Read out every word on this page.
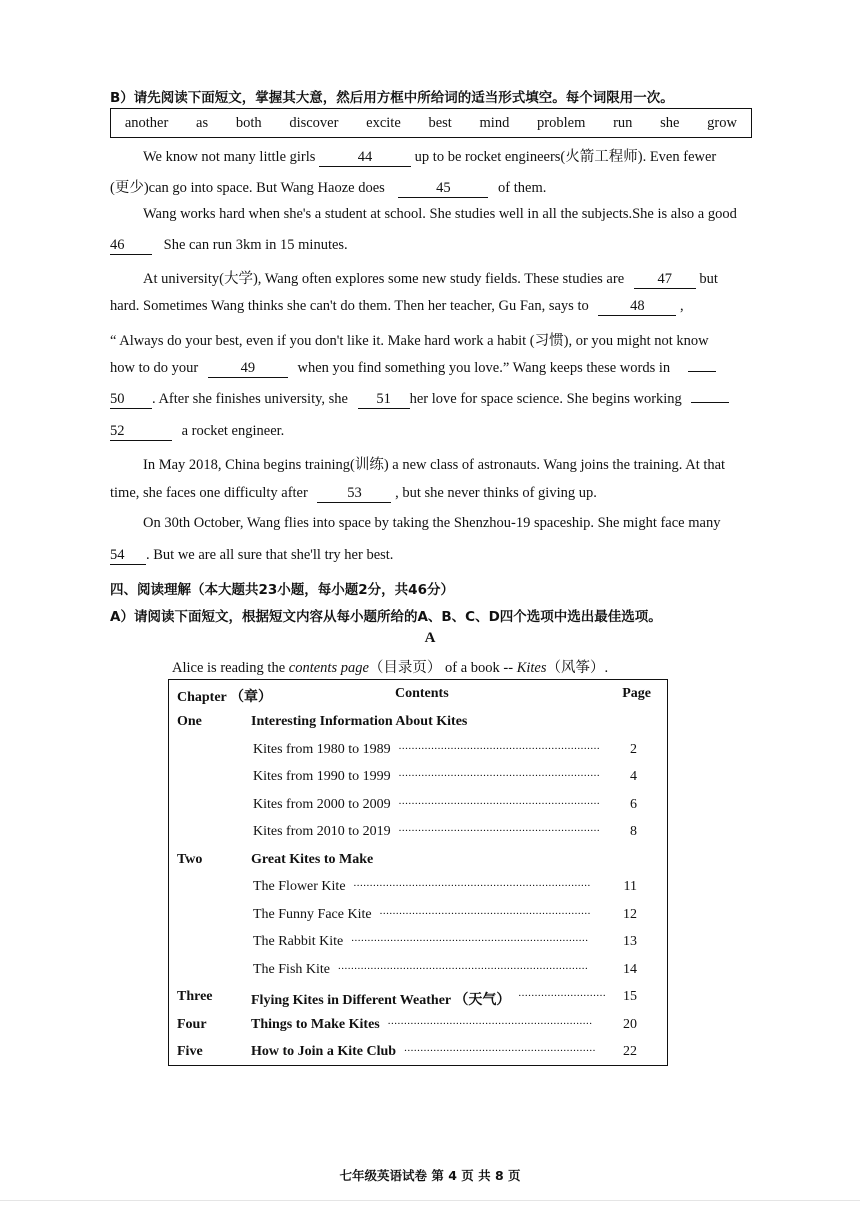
B）请先阅读下面短文，掌握其大意，然后用方框中所给词的适当形式填空。每个词限用一次。
another as both discover excite best mind problem run she grow
We know not many little girls	44	up to be rocket engineers(火箭工程师). Even fewer
(更少)can go into space. But Wang Haoze does	45	of them.
Wang works hard when she's a student at school. She studies well in all the subjects.She is also a good
46	She can run 3km in 15 minutes.
At university(大学), Wang often explores some new study fields. These studies are 47 but
hard. Sometimes Wang thinks she can't do them. Then her teacher, Gu Fan, says to	48 ,
“ Always do your best, even if you don't like it. Make hard work a habit (习惯), or you might not know
how to do your	49	when you find something you love.” Wang keeps these words in
50 . After she finishes university, she 51 her love for space science. She begins working
52	a rocket engineer.
In May 2018, China begins training(训练) a new class of astronauts. Wang joins the training. At that
time, she faces one difficulty after	53 , but she never thinks of giving up.
On 30th October, Wang flies into space by taking the Shenzhou-19 spaceship. She might face many
54 . But we are all sure that she'll try her best.
四、阅读理解（本大题共23小题，每小题2分，共46分）
A）请阅读下面短文，根据短文内容从每小题所给的A、B、C、D四个选项中选出最佳选项。
A
Alice is reading the contents page（目录页） of a book -- Kites（风筝）.
Chapter （章）	Contents	Page
One	Interesting Information About Kites
Kites from 1980 to 1989 ..............................................................	2
Kites from 1990 to 1999 ..............................................................	4
Kites from 2000 to 2009 ..............................................................	6
Kites from 2010 to 2019 ..............................................................	8
Two	Great Kites to Make
The Flower Kite .........................................................................	11
The Funny Face Kite .................................................................	12
The Rabbit Kite .........................................................................	13
The Fish Kite .............................................................................	14
Three	Flying Kites in Different Weather （天气） ...........................	15
Four	Things to Make Kites ...............................................................	20
Five	How to Join a Kite Club ...........................................................	22
七年级英语试卷 第 4 页 共 8 页
